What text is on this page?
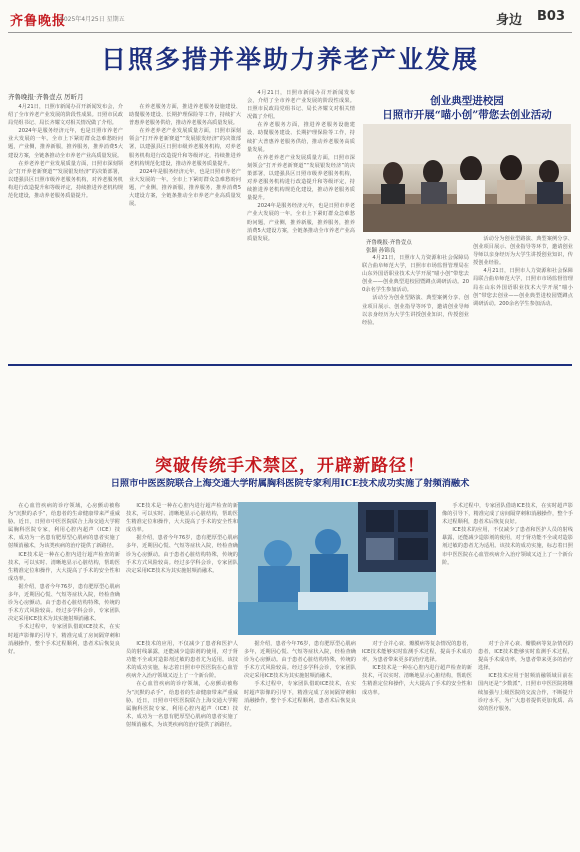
齐鲁晚报
2025年4月25日 星期五	身边 B03
日照多措并举助力养老产业发展
齐鲁晚报·齐鲁壹点 厉昕月

4月21日，日照市新闻办召开新闻发布会，介绍了全市养老产业发展的阶段性成果。日照市民政局党组书记、局长齐耀文对相关情况做了介绍。

2024年是服务经济元年，也是日照市养老产业大发展的一年。全市上下紧盯群众急难愁盼问题，产业侧，推养新服，推养服务，推养消费5大建设方案，全链条推动全市养老产业高质量发展。

在养老养老产业发展质量方面，日照市深刻领会“打开养老新赛道”“发展银发经济”的决策部署，以建强县区日照市级养老服务机构，对养老服务机构进行改造提升和等级评定，持续推进养老机构规范化建设，推动养老服务质量提升。

在养老服务方面，推进养老服务设施建设、助餐服务建设、长期护理保险等工作，持续扩大普惠养老服务供给，推动养老服务高质量发展。

在养老养老产业发展质量方面，日照市深刻领会“打开养老新赛道”“发展银发经济”的决策部署，以建强县区日照市级养老服务机构，对养老服务机构进行改造提升和等级评定，持续推进养老机构规范化建设，推动养老服务质量提升。

2024年是服务经济元年，也是日照市养老产业大发展的一年。全市上下紧盯群众急难愁盼问题，产业侧，推养新服，推养服务，推养消费5大建设方案，全链条推动全市养老产业高质量发展。

4月21日，日照市新闻办召开新闻发布会，介绍了全市养老产业发展的阶段性成果。日照市民政局党组书记、局长齐耀文对相关情况做了介绍。

在养老服务方面，推进养老服务设施建设、助餐服务建设、长期护理保险等工作，持续扩大普惠养老服务供给，推动养老服务高质量发展。

在养老养老产业发展质量方面，日照市深刻领会“打开养老新赛道”“发展银发经济”的决策部署，以建强县区日照市级养老服务机构，对养老服务机构进行改造提升和等级评定，持续推进养老机构规范化建设，推动养老服务质量提升。

2024年是服务经济元年，也是日照市养老产业大发展的一年。全市上下紧盯群众急难愁盼问题，产业侧，推养新服，推养服务，推养消费5大建设方案，全链条推动全市养老产业高质量发展。

创业典型进校园
日照市开展“喵小创”带您去创业活动
齐鲁晚报·齐鲁壹点
张颖 孙锦良

4月21日，日照市人力资源和社会保障局联合曲阜师范大学，日照市市场监督管理局在山东外国语职业技术大学开展“喵小创”带您去创业——创业典型进校园暨蹲点调研活动。200余名学生参加活动。

活动分为创业型路演、典型案例分享、创业项目展示、创业指导等环节，邀请创业导师以亲身经历为大学生讲授创业知识，传授创业经验。

活动分为创业型路演、典型案例分享、创业项目展示、创业指导等环节，邀请创业导师以亲身经历为大学生讲授创业知识，传授创业经验。

4月21日，日照市人力资源和社会保障局联合曲阜师范大学，日照市市场监督管理局在山东外国语职业技术大学开展“喵小创”带您去创业——创业典型进校园暨蹲点调研活动。200余名学生参加活动。

突破传统手术禁区，开辟新路径！
日照市中医医院联合上海交通大学附属胸科医院专家利用ICE技术成功实施了射频消融术

在心血管疾病的诊疗领域，心房颤动被称为“沉默的杀手”，给患者的生命健康带来严重威胁。近日，日照市中医医院联合上海交通大学附属胸科医院专家，利用心腔内超声（ICE）技术，成功为一名患有肥厚型心肌病的患者实施了射频消融术，为该类疾病的治疗提供了新路径。

ICE技术是一种在心腔内进行超声检查的新技术，可以实时、清晰地显示心脏结构，帮助医生精准定位和操作，大大提高了手术的安全性和成功率。

据介绍，患者今年76岁，患有肥厚型心肌病多年，近期因心慌、气短等症状入院，经检查确诊为心房颤动。由于患者心脏结构特殊，传统的手术方式风险较高。经过多学科会诊，专家团队决定采用ICE技术为其实施射频消融术。

手术过程中，专家团队借助ICE技术，在实时超声影像的引导下，精准完成了房间隔穿刺和消融操作，整个手术过程顺利，患者术后恢复良好。

ICE技术是一种在心腔内进行超声检查的新技术，可以实时、清晰地显示心脏结构，帮助医生精准定位和操作，大大提高了手术的安全性和成功率。

据介绍，患者今年76岁，患有肥厚型心肌病多年，近期因心慌、气短等症状入院，经检查确诊为心房颤动。由于患者心脏结构特殊，传统的手术方式风险较高。经过多学科会诊，专家团队决定采用ICE技术为其实施射频消融术。

手术过程中，专家团队借助ICE技术，在实时超声影像的引导下，精准完成了房间隔穿刺和消融操作，整个手术过程顺利，患者术后恢复良好。

ICE技术的应用，不仅减少了患者和医护人员的射线暴露，还能减少造影剂的使用，对于肾功能不全或对造影剂过敏的患者尤为适用。该技术的成功实施，标志着日照市中医医院在心血管疾病介入治疗领域又迈上了一个新台阶。

ICE技术的应用，不仅减少了患者和医护人员的射线暴露，还能减少造影剂的使用，对于肾功能不全或对造影剂过敏的患者尤为适用。该技术的成功实施，标志着日照市中医医院在心血管疾病介入治疗领域又迈上了一个新台阶。

在心血管疾病的诊疗领域，心房颤动被称为“沉默的杀手”，给患者的生命健康带来严重威胁。近日，日照市中医医院联合上海交通大学附属胸科医院专家，利用心腔内超声（ICE）技术，成功为一名患有肥厚型心肌病的患者实施了射频消融术，为该类疾病的治疗提供了新路径。

据介绍，患者今年76岁，患有肥厚型心肌病多年，近期因心慌、气短等症状入院，经检查确诊为心房颤动。由于患者心脏结构特殊，传统的手术方式风险较高。经过多学科会诊，专家团队决定采用ICE技术为其实施射频消融术。

手术过程中，专家团队借助ICE技术，在实时超声影像的引导下，精准完成了房间隔穿刺和消融操作，整个手术过程顺利，患者术后恢复良好。

对于合并心衰、瓣膜病等复杂情况的患者，ICE技术能够实时监测手术过程，提高手术成功率，为患者带来更多的治疗选择。

ICE技术是一种在心腔内进行超声检查的新技术，可以实时、清晰地显示心脏结构，帮助医生精准定位和操作，大大提高了手术的安全性和成功率。

对于合并心衰、瓣膜病等复杂情况的患者，ICE技术能够实时监测手术过程，提高手术成功率，为患者带来更多的治疗选择。

ICE技术应用于射频消融领域目前在国内还是“少数派”，日照市中医医院将继续加强与上级医院的交流合作，不断提升诊疗水平，为广大患者提供更加优质、高效的医疗服务。
